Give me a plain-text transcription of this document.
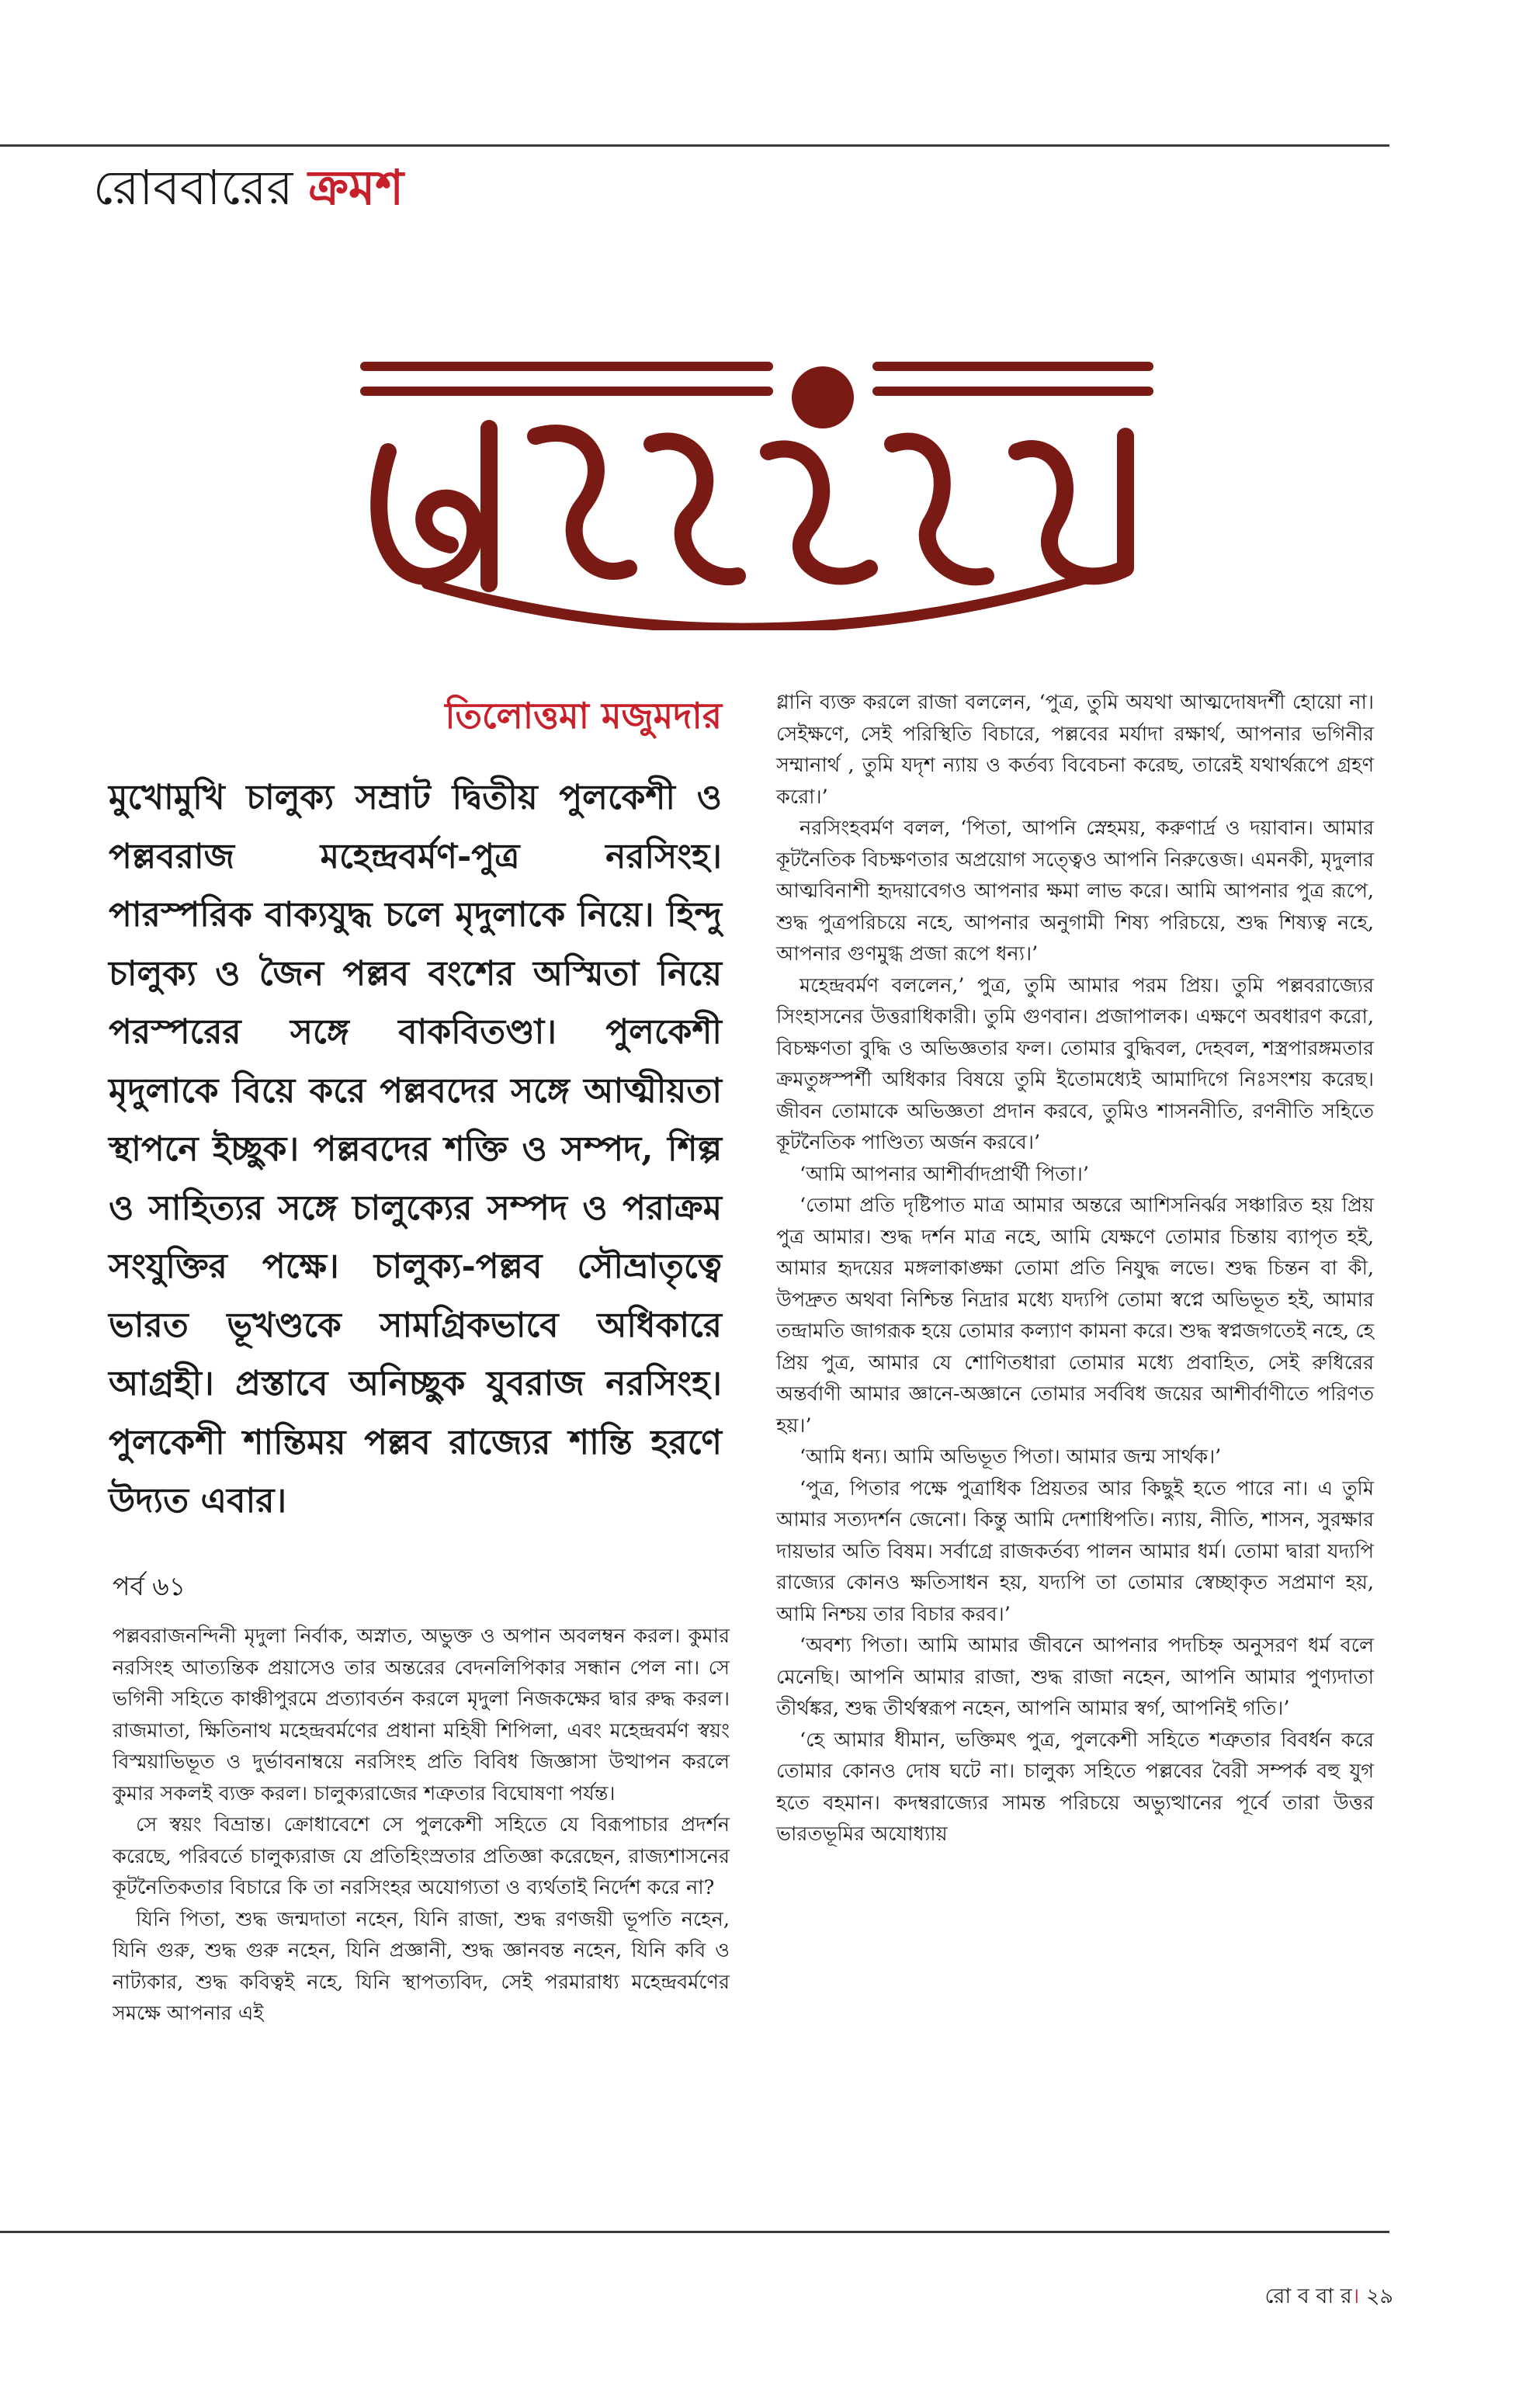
রোববারের ক্রমশ
তিলোত্তমা মজুমদার
মুখোমুখি চালুক্য সম্রাট দ্বিতীয় পুলকেশী ও পল্লবরাজ মহেন্দ্রবর্মণ-পুত্র নরসিংহ। পারস্পরিক বাক্যযুদ্ধ চলে মৃদুলাকে নিয়ে। হিন্দু চালুক্য ও জৈন পল্লব বংশের অস্মিতা নিয়ে পরস্পরের সঙ্গে বাকবিতণ্ডা। পুলকেশী মৃদুলাকে বিয়ে করে পল্লবদের সঙ্গে আত্মীয়তা স্থাপনে ইচ্ছুক। পল্লবদের শক্তি ও সম্পদ, শিল্প ও সাহিত্যর সঙ্গে চালুক্যের সম্পদ ও পরাক্রম সংযুক্তির পক্ষে। চালুক্য-পল্লব সৌভ্রাতৃত্বে ভারত ভূখণ্ডকে সামগ্রিকভাবে অধিকারে আগ্রহী। প্রস্তাবে অনিচ্ছুক যুবরাজ নরসিংহ। পুলকেশী শান্তিময় পল্লব রাজ্যের শান্তি হরণে উদ্যত এবার।
পর্ব ৬১

পল্লবরাজনন্দিনী মৃদুলা নির্বাক, অস্নাত, অভুক্ত ও অপান অবলম্বন করল। কুমার নরসিংহ আত্যন্তিক প্রয়াসেও তার অন্তরের বেদনলিপিকার সন্ধান পেল না। সে ভগিনী সহিতে কাঞ্চীপুরমে প্রত্যাবর্তন করলে মৃদুলা নিজকক্ষের দ্বার রুদ্ধ করল। রাজমাতা, ক্ষিতিনাথ মহেন্দ্রবর্মণের প্রধানা মহিষী শিপিলা, এবং মহেন্দ্রবর্মণ স্বয়ং বিস্ময়াভিভূত ও দুর্ভাবনাম্বয়ে নরসিংহ প্রতি বিবিধ জিজ্ঞাসা উত্থাপন করলে কুমার সকলই ব্যক্ত করল। চালুক্যরাজের শত্রুতার বিঘোষণা পর্যন্ত।

সে স্বয়ং বিভ্রান্ত। ক্রোধাবেশে সে পুলকেশী সহিতে যে বিরূপাচার প্রদর্শন করেছে, পরিবর্তে চালুক্যরাজ যে প্রতিহিংস্রতার প্রতিজ্ঞা করেছেন, রাজ্যশাসনের কূটনৈতিকতার বিচারে কি তা নরসিংহর অযোগ্যতা ও ব্যর্থতাই নির্দেশ করে না?

যিনি পিতা, শুদ্ধ জন্মদাতা নহেন, যিনি রাজা, শুদ্ধ রণজয়ী ভূপতি নহেন, যিনি গুরু, শুদ্ধ গুরু নহেন, যিনি প্রজ্ঞানী, শুদ্ধ জ্ঞানবন্ত নহেন, যিনি কবি ও নাট্যকার, শুদ্ধ কবিত্বই নহে, যিনি স্থাপত্যবিদ, সেই পরমারাধ্য মহেন্দ্রবর্মণের সমক্ষে আপনার এই

গ্লানি ব্যক্ত করলে রাজা বললেন, ‘পুত্র, তুমি অযথা আত্মদোষদর্শী হোয়ো না। সেইক্ষণে, সেই পরিস্থিতি বিচারে, পল্লবের মর্যাদা রক্ষার্থ, আপনার ভগিনীর সম্মানার্থ , তুমি যদৃশ ন্যায় ও কর্তব্য বিবেচনা করেছ, তারেই যথার্থরূপে গ্রহণ করো।’

নরসিংহবর্মণ বলল, ‘পিতা, আপনি স্নেহময়, করুণার্দ্র ও দয়াবান। আমার কূটনৈতিক বিচক্ষণতার অপ্রয়োগ সত্ত্বেও আপনি নিরুত্তেজ। এমনকী, মৃদুলার আত্মবিনাশী হৃদয়াবেগও আপনার ক্ষমা লাভ করে। আমি আপনার পুত্র রূপে, শুদ্ধ পুত্রপরিচয়ে নহে, আপনার অনুগামী শিষ্য পরিচয়ে, শুদ্ধ শিষ্যত্ব নহে, আপনার গুণমুগ্ধ প্রজা রূপে ধন্য।’

মহেন্দ্রবর্মণ বললেন,’ পুত্র, তুমি আমার পরম প্রিয়। তুমি পল্লবরাজ্যের সিংহাসনের উত্তরাধিকারী। তুমি গুণবান। প্রজাপালক। এক্ষণে অবধারণ করো, বিচক্ষণতা বুদ্ধি ও অভিজ্ঞতার ফল। তোমার বুদ্ধিবল, দেহবল, শস্ত্রপারঙ্গমতার ক্রমতুঙ্গস্পর্শী অধিকার বিষয়ে তুমি ইতোমধ্যেই আমাদিগে নিঃসংশয় করেছ। জীবন তোমাকে অভিজ্ঞতা প্রদান করবে, তুমিও শাসননীতি, রণনীতি সহিতে কূটনৈতিক পাণ্ডিত্য অর্জন করবে।’

‘আমি আপনার আশীর্বাদপ্রার্থী পিতা।’

‘তোমা প্রতি দৃষ্টিপাত মাত্র আমার অন্তরে আশিসনির্ঝর সঞ্চারিত হয় প্রিয় পুত্র আমার। শুদ্ধ দর্শন মাত্র নহে, আমি যেক্ষণে তোমার চিন্তায় ব্যাপৃত হই, আমার হৃদয়ের মঙ্গলাকাঙ্ক্ষা তোমা প্রতি নিযুদ্ধ লভে। শুদ্ধ চিন্তন বা কী, উপদ্রুত অথবা নিশ্চিন্ত নিদ্রার মধ্যে যদ্যপি তোমা স্বপ্নে অভিভূত হই, আমার তন্দ্রামতি জাগরূক হয়ে তোমার কল্যাণ কামনা করে। শুদ্ধ স্বপ্নজগতেই নহে, হে প্রিয় পুত্র, আমার যে শোণিতধারা তোমার মধ্যে প্রবাহিত, সেই রুধিরের অন্তর্বাণী আমার জ্ঞানে-অজ্ঞানে তোমার সর্ববিধ জয়ের আশীর্বাণীতে পরিণত হয়।’

‘আমি ধন্য। আমি অভিভূত পিতা। আমার জন্ম সার্থক।’

‘পুত্র, পিতার পক্ষে পুত্রাধিক প্রিয়তর আর কিছুই হতে পারে না। এ তুমি আমার সত্যদর্শন জেনো। কিন্তু আমি দেশাধিপতি। ন্যায়, নীতি, শাসন, সুরক্ষার দায়ভার অতি বিষম। সর্বাগ্রে রাজকর্তব্য পালন আমার ধর্ম। তোমা দ্বারা যদ্যপি রাজ্যের কোনও ক্ষতিসাধন হয়, যদ্যপি তা তোমার স্বেচ্ছাকৃত সপ্রমাণ হয়, আমি নিশ্চয় তার বিচার করব।’

‘অবশ্য পিতা। আমি আমার জীবনে আপনার পদচিহ্ন অনুসরণ ধর্ম বলে মেনেছি। আপনি আমার রাজা, শুদ্ধ রাজা নহেন, আপনি আমার পুণ্যদাতা তীর্থঙ্কর, শুদ্ধ তীর্থস্বরূপ নহেন, আপনি আমার স্বর্গ, আপনিই গতি।’

‘হে আমার ধীমান, ভক্তিমৎ পুত্র, পুলকেশী সহিতে শত্রুতার বিবর্ধন করে তোমার কোনও দোষ ঘটে না। চালুক্য সহিতে পল্লবের বৈরী সম্পর্ক বহু যুগ হতে বহমান। কদম্বরাজ্যের সামন্ত পরিচয়ে অভ্যুত্থানের পূর্বে তারা উত্তর ভারতভূমির অযোধ্যায়

রো ব বা র। ২৯
